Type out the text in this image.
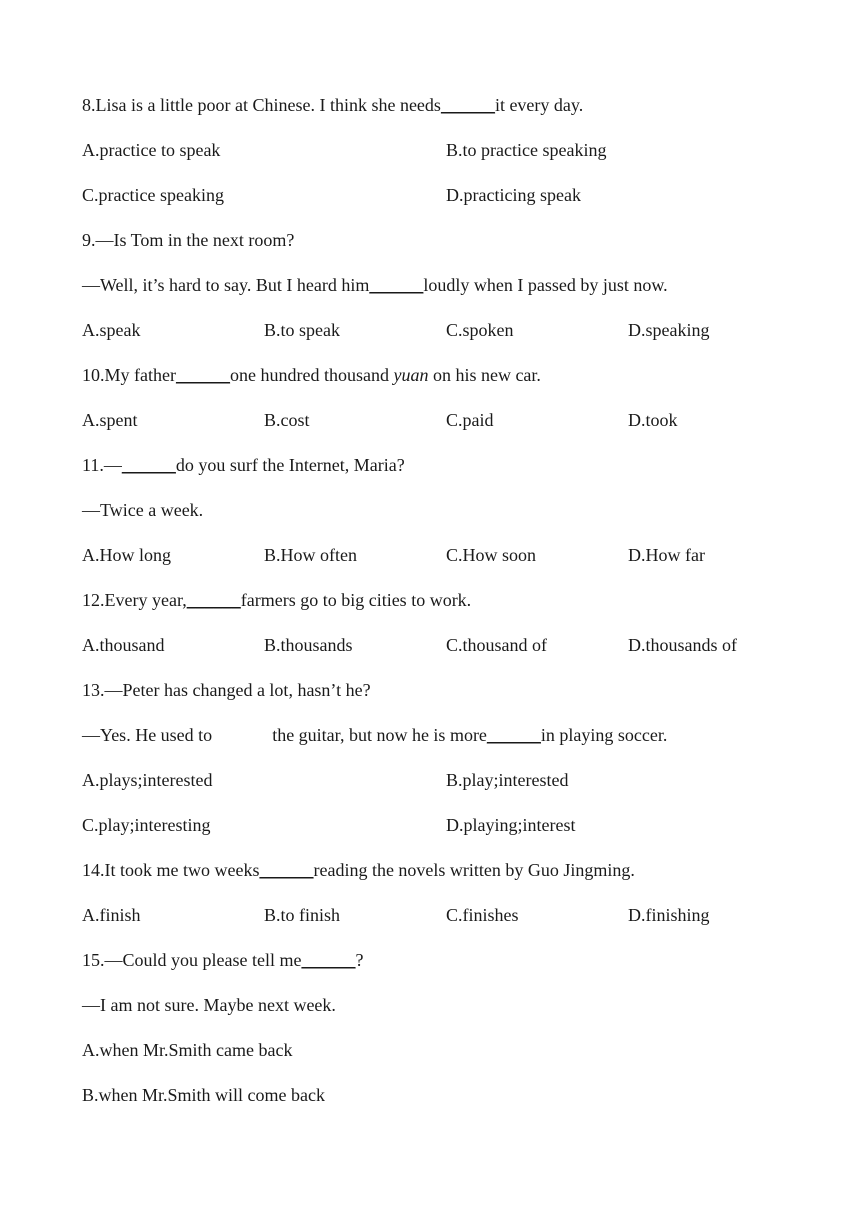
8.Lisa is a little poor at Chinese. I think she needs______it every day.
A.practice to speak	B.to practice speaking
C.practice speaking	D.practicing speak
9.—Is Tom in the next room?
—Well, it’s hard to say. But I heard him______loudly when I passed by just now.
A.speak	B.to speak	C.spoken	D.speaking
10.My father______one hundred thousand yuan on his new car.
A.spent	B.cost	C.paid	D.took
11.—______do you surf the Internet, Maria?
—Twice a week.
A.How long	B.How often	C.How soon	D.How far
12.Every year,______farmers go to big cities to work.
A.thousand	B.thousands	C.thousand of	D.thousands of
13.—Peter has changed a lot, hasn’t he?
—Yes. He used to	the guitar, but now he is more______in playing soccer.
A.plays;interested	B.play;interested
C.play;interesting	D.playing;interest
14.It took me two weeks______reading the novels written by Guo Jingming.
A.finish	B.to finish	C.finishes	D.finishing
15.—Could you please tell me______?
—I am not sure. Maybe next week.
A.when Mr.Smith came back
B.when Mr.Smith will come back
